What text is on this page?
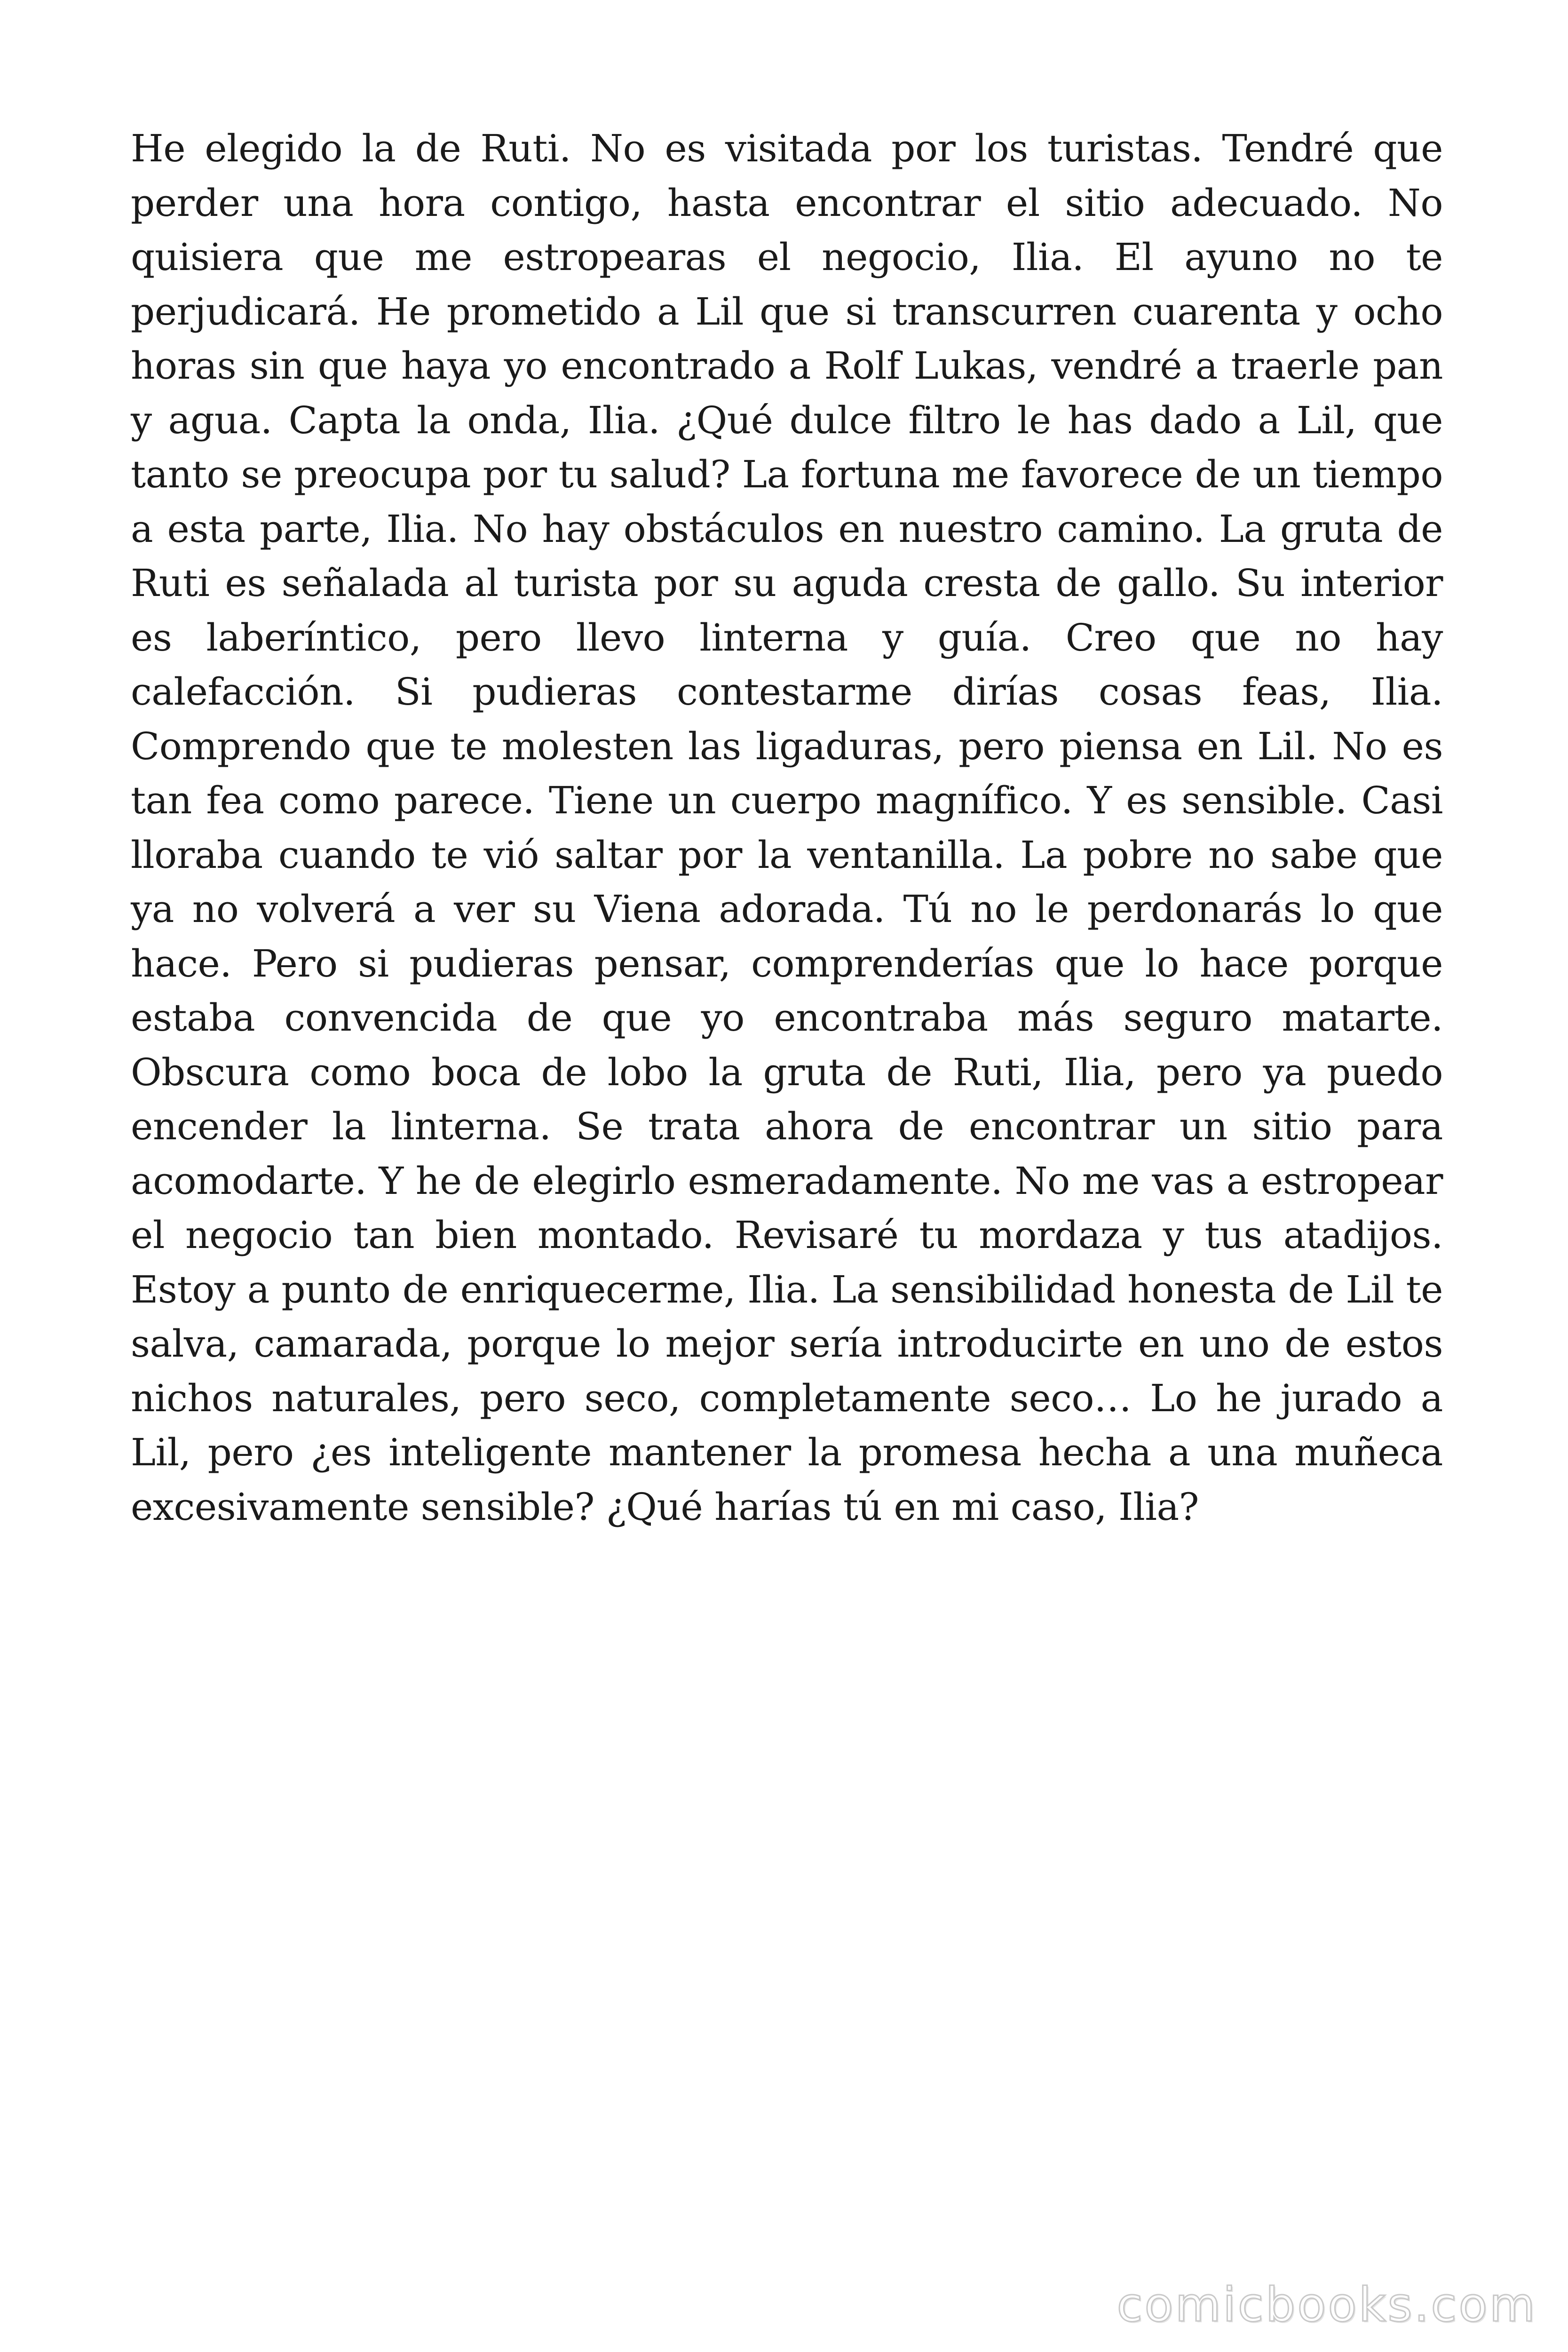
He elegido la de Ruti. No es visitada por los turistas. Tendré que perder una hora contigo, hasta encontrar el sitio adecuado. No quisiera que me estropearas el negocio, Ilia. El ayuno no te perjudicará. He prometido a Lil que si transcurren cuarenta y ocho horas sin que haya yo encontrado a Rolf Lukas, vendré a traerle pan y agua. Capta la onda, Ilia. ¿Qué dulce filtro le has dado a Lil, que tanto se preocupa por tu salud? La fortuna me favorece de un tiempo a esta parte, Ilia. No hay obstáculos en nuestro camino. La gruta de Ruti es señalada al turista por su aguda cresta de gallo. Su interior es laberíntico, pero llevo linterna y guía. Creo que no hay calefacción. Si pudieras contestarme dirías cosas feas, Ilia. Comprendo que te molesten las ligaduras, pero piensa en Lil. No es tan fea como parece. Tiene un cuerpo magnífico. Y es sensible. Casi lloraba cuando te vió saltar por la ventanilla. La pobre no sabe que ya no volverá a ver su Viena adorada. Tú no le perdonarás lo que hace. Pero si pudieras pensar, comprenderías que lo hace porque estaba convencida de que yo encontraba más seguro matarte. Obscura como boca de lobo la gruta de Ruti, Ilia, pero ya puedo encender la linterna. Se trata ahora de encontrar un sitio para acomodarte. Y he de elegirlo esmeradamente. No me vas a estropear el negocio tan bien montado. Revisaré tu mordaza y tus atadijos. Estoy a punto de enriquecerme, Ilia. La sensibilidad honesta de Lil te salva, camarada, porque lo mejor sería introducirte en uno de estos nichos naturales, pero seco, completamente seco… Lo he jurado a Lil, pero ¿es inteligente mantener la promesa hecha a una muñeca excesivamente sensible? ¿Qué harías tú en mi caso, Ilia?

comicbooks.com
